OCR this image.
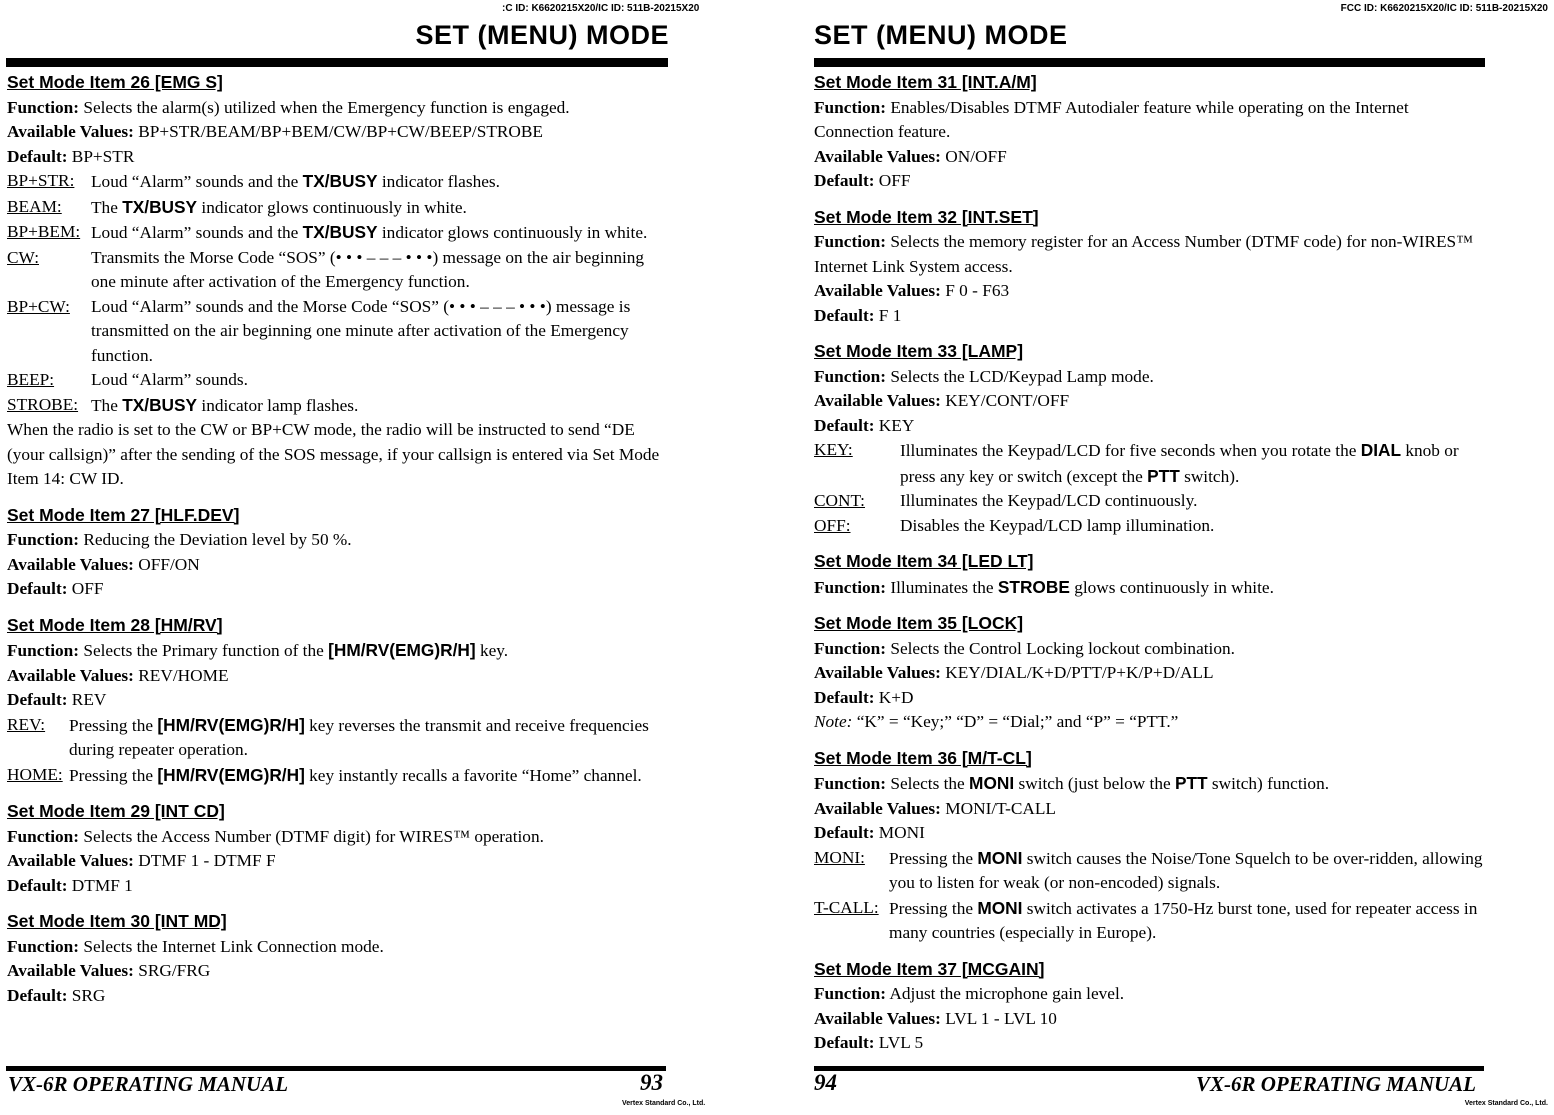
:C ID: K6620215X20/IC ID: 511B-20215X20
SET (MENU) MODE
Set Mode Item 26 [EMG S]
Function: Selects the alarm(s) utilized when the Emergency function is engaged.
Available Values: BP+STR/BEAM/BP+BEM/CW/BP+CW/BEEP/STROBE
Default: BP+STR
BP+STR: Loud “Alarm” sounds and the TX/BUSY indicator flashes.
BEAM:	The TX/BUSY indicator glows continuously in white.
BP+BEM: Loud “Alarm” sounds and the TX/BUSY indicator glows continuously in white.
CW:	Transmits the Morse Code “SOS” (• • • – – – • • •) message on the air beginning one minute after activation of the Emergency function.
BP+CW:	Loud “Alarm” sounds and the Morse Code “SOS” (• • • – – – • • •) message is transmitted on the air beginning one minute after activation of the Emergency function.
BEEP:	Loud “Alarm” sounds.
STROBE: The TX/BUSY indicator lamp flashes.
When the radio is set to the CW or BP+CW mode, the radio will be instructed to send “DE (your callsign)” after the sending of the SOS message, if your callsign is entered via Set Mode Item 14: CW ID.
Set Mode Item 27 [HLF.DEV]
Function: Reducing the Deviation level by 50 %.
Available Values: OFF/ON
Default: OFF
Set Mode Item 28 [HM/RV]
Function: Selects the Primary function of the [HM/RV(EMG)R/H] key.
Available Values: REV/HOME
Default: REV
REV:	Pressing the [HM/RV(EMG)R/H] key reverses the transmit and receive frequencies during repeater operation.
HOME: Pressing the [HM/RV(EMG)R/H] key instantly recalls a favorite “Home” channel.
Set Mode Item 29 [INT CD]
Function: Selects the Access Number (DTMF digit) for WIRES™ operation.
Available Values: DTMF 1 - DTMF F
Default: DTMF 1
Set Mode Item 30 [INT MD]
Function: Selects the Internet Link Connection mode.
Available Values: SRG/FRG
Default: SRG
VX-6R OPERATING MANUAL	93
Vertex Standard Co., Ltd.
FCC ID: K6620215X20/IC ID: 511B-20215X20
SET (MENU) MODE
Set Mode Item 31 [INT.A/M]
Function: Enables/Disables DTMF Autodialer feature while operating on the Internet Connection feature.
Available Values: ON/OFF
Default: OFF
Set Mode Item 32 [INT.SET]
Function: Selects the memory register for an Access Number (DTMF code) for non-WIRES™ Internet Link System access.
Available Values: F 0 - F63
Default: F 1
Set Mode Item 33 [LAMP]
Function: Selects the LCD/Keypad Lamp mode.
Available Values: KEY/CONT/OFF
Default: KEY
KEY:	Illuminates the Keypad/LCD for five seconds when you rotate the DIAL knob or press any key or switch (except the PTT switch).
CONT:	Illuminates the Keypad/LCD continuously.
OFF:	Disables the Keypad/LCD lamp illumination.
Set Mode Item 34 [LED LT]
Function: Illuminates the STROBE glows continuously in white.
Set Mode Item 35 [LOCK]
Function: Selects the Control Locking lockout combination.
Available Values: KEY/DIAL/K+D/PTT/P+K/P+D/ALL
Default: K+D
Note: “K” = “Key;” “D” = “Dial;” and “P” = “PTT.”
Set Mode Item 36 [M/T-CL]
Function: Selects the MONI switch (just below the PTT switch) function.
Available Values: MONI/T-CALL
Default: MONI
MONI:	Pressing the MONI switch causes the Noise/Tone Squelch to be over-ridden, allowing you to listen for weak (or non-encoded) signals.
T-CALL: Pressing the MONI switch activates a 1750-Hz burst tone, used for repeater access in many countries (especially in Europe).
Set Mode Item 37 [MCGAIN]
Function: Adjust the microphone gain level.
Available Values: LVL 1 - LVL 10
Default: LVL 5
94	VX-6R OPERATING MANUAL
Vertex Standard Co., Ltd.
